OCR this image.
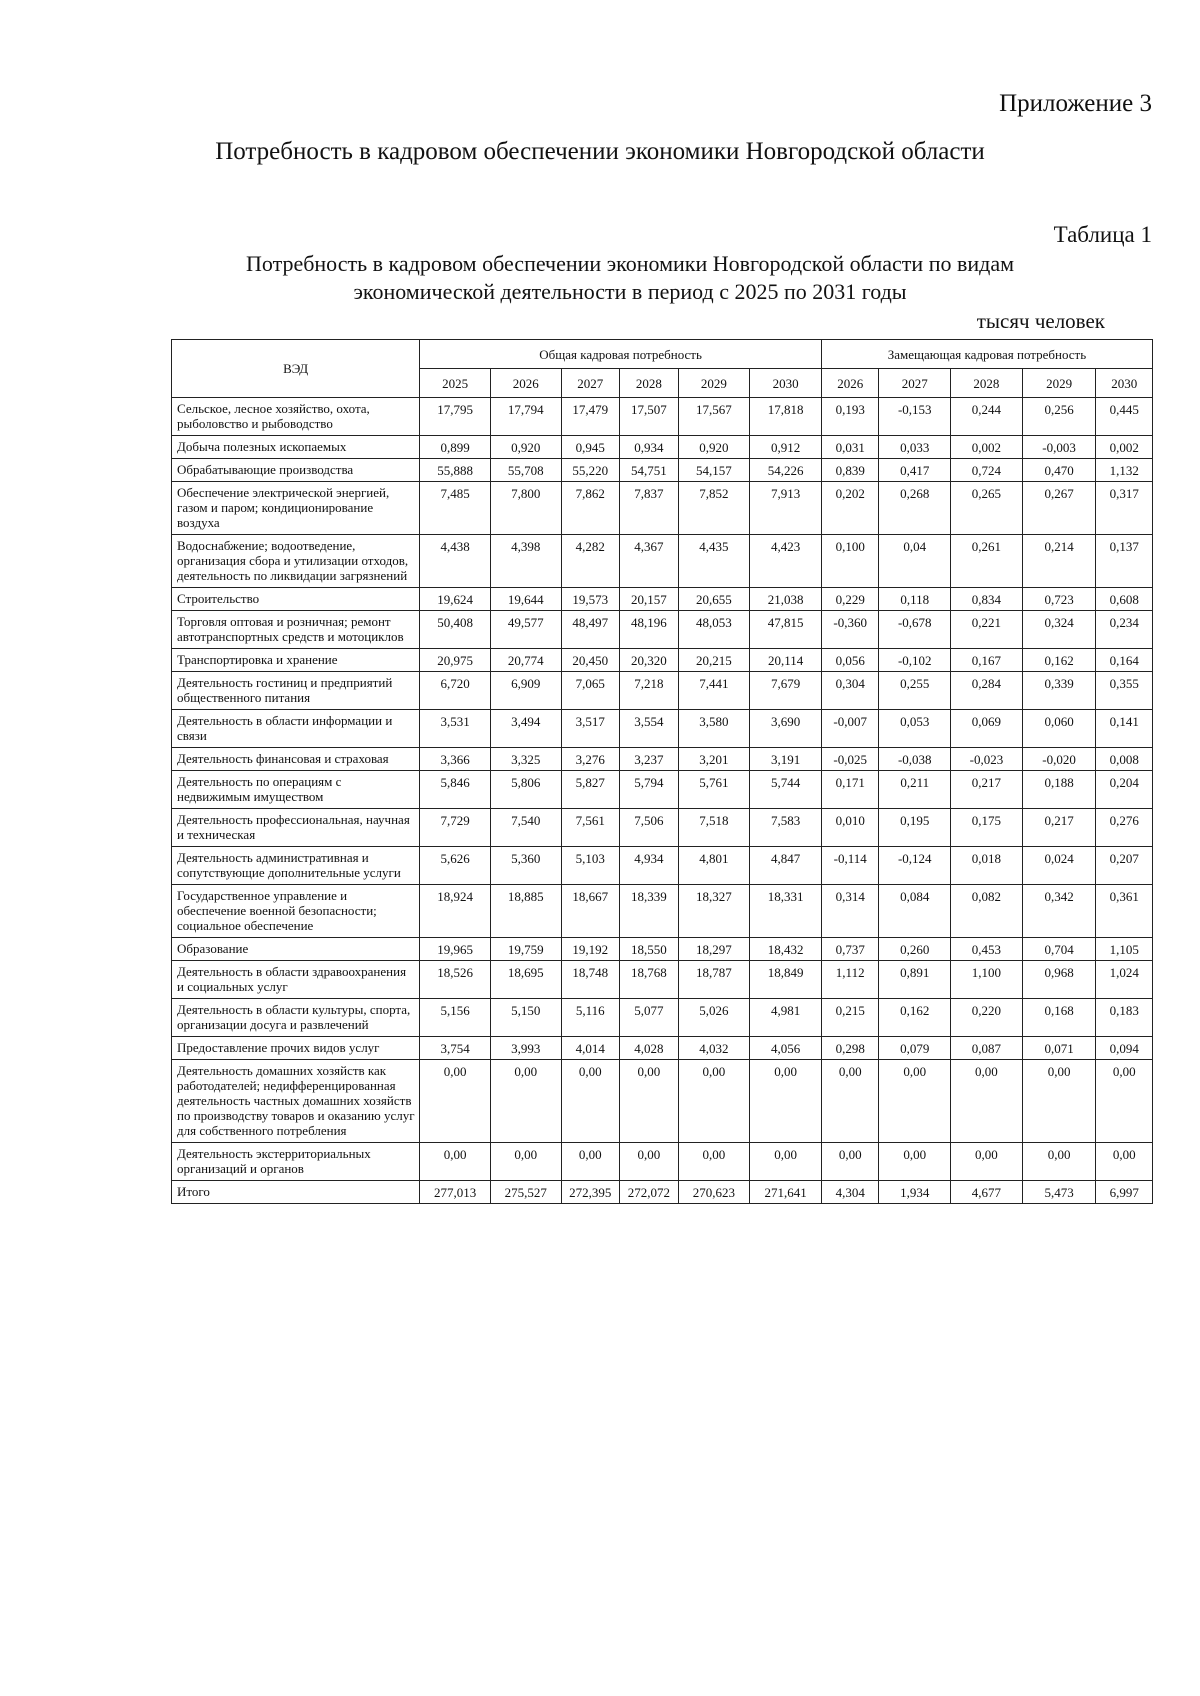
Приложение 3
Потребность в кадровом обеспечении экономики Новгородской области
Таблица 1
Потребность в кадровом обеспечении экономики Новгородской области по видам
экономической деятельности в период с 2025 по 2031 годы
тысяч человек
ВЭД	Общая кадровая потребность						Замещающая кадровая потребность				
	2025	2026	2027	2028	2029	2030	2026	2027	2028	2029	2030
Сельское, лесное хозяйство, охота, рыболовство и рыбоводство	17,795	17,794	17,479	17,507	17,567	17,818	0,193	-0,153	0,244	0,256	0,445
Добыча полезных ископаемых	0,899	0,920	0,945	0,934	0,920	0,912	0,031	0,033	0,002	-0,003	0,002
Обрабатывающие производства	55,888	55,708	55,220	54,751	54,157	54,226	0,839	0,417	0,724	0,470	1,132
Обеспечение электрической энергией, газом и паром; кондиционирование воздуха	7,485	7,800	7,862	7,837	7,852	7,913	0,202	0,268	0,265	0,267	0,317
Водоснабжение; водоотведение, организация сбора и утилизации отходов, деятельность по ликвидации загрязнений	4,438	4,398	4,282	4,367	4,435	4,423	0,100	0,04	0,261	0,214	0,137
Строительство	19,624	19,644	19,573	20,157	20,655	21,038	0,229	0,118	0,834	0,723	0,608
Торговля оптовая и розничная; ремонт автотранспортных средств и мотоциклов	50,408	49,577	48,497	48,196	48,053	47,815	-0,360	-0,678	0,221	0,324	0,234
Транспортировка и хранение	20,975	20,774	20,450	20,320	20,215	20,114	0,056	-0,102	0,167	0,162	0,164
Деятельность гостиниц и предприятий общественного питания	6,720	6,909	7,065	7,218	7,441	7,679	0,304	0,255	0,284	0,339	0,355
Деятельность в области информации и связи	3,531	3,494	3,517	3,554	3,580	3,690	-0,007	0,053	0,069	0,060	0,141
Деятельность финансовая и страховая	3,366	3,325	3,276	3,237	3,201	3,191	-0,025	-0,038	-0,023	-0,020	0,008
Деятельность по операциям с недвижимым имуществом	5,846	5,806	5,827	5,794	5,761	5,744	0,171	0,211	0,217	0,188	0,204
Деятельность профессиональная, научная и техническая	7,729	7,540	7,561	7,506	7,518	7,583	0,010	0,195	0,175	0,217	0,276
Деятельность административная и сопутствующие дополнительные услуги	5,626	5,360	5,103	4,934	4,801	4,847	-0,114	-0,124	0,018	0,024	0,207
Государственное управление и обеспечение военной безопасности; социальное обеспечение	18,924	18,885	18,667	18,339	18,327	18,331	0,314	0,084	0,082	0,342	0,361
Образование	19,965	19,759	19,192	18,550	18,297	18,432	0,737	0,260	0,453	0,704	1,105
Деятельность в области здравоохранения и социальных услуг	18,526	18,695	18,748	18,768	18,787	18,849	1,112	0,891	1,100	0,968	1,024
Деятельность в области культуры, спорта, организации досуга и развлечений	5,156	5,150	5,116	5,077	5,026	4,981	0,215	0,162	0,220	0,168	0,183
Предоставление прочих видов услуг	3,754	3,993	4,014	4,028	4,032	4,056	0,298	0,079	0,087	0,071	0,094
Деятельность домашних хозяйств как работодателей; недифференцированная деятельность частных домашних хозяйств по производству товаров и оказанию услуг для собственного потребления	0,00	0,00	0,00	0,00	0,00	0,00	0,00	0,00	0,00	0,00	0,00
Деятельность экстерриториальных организаций и органов	0,00	0,00	0,00	0,00	0,00	0,00	0,00	0,00	0,00	0,00	0,00
Итого	277,013	275,527	272,395	272,072	270,623	271,641	4,304	1,934	4,677	5,473	6,997
